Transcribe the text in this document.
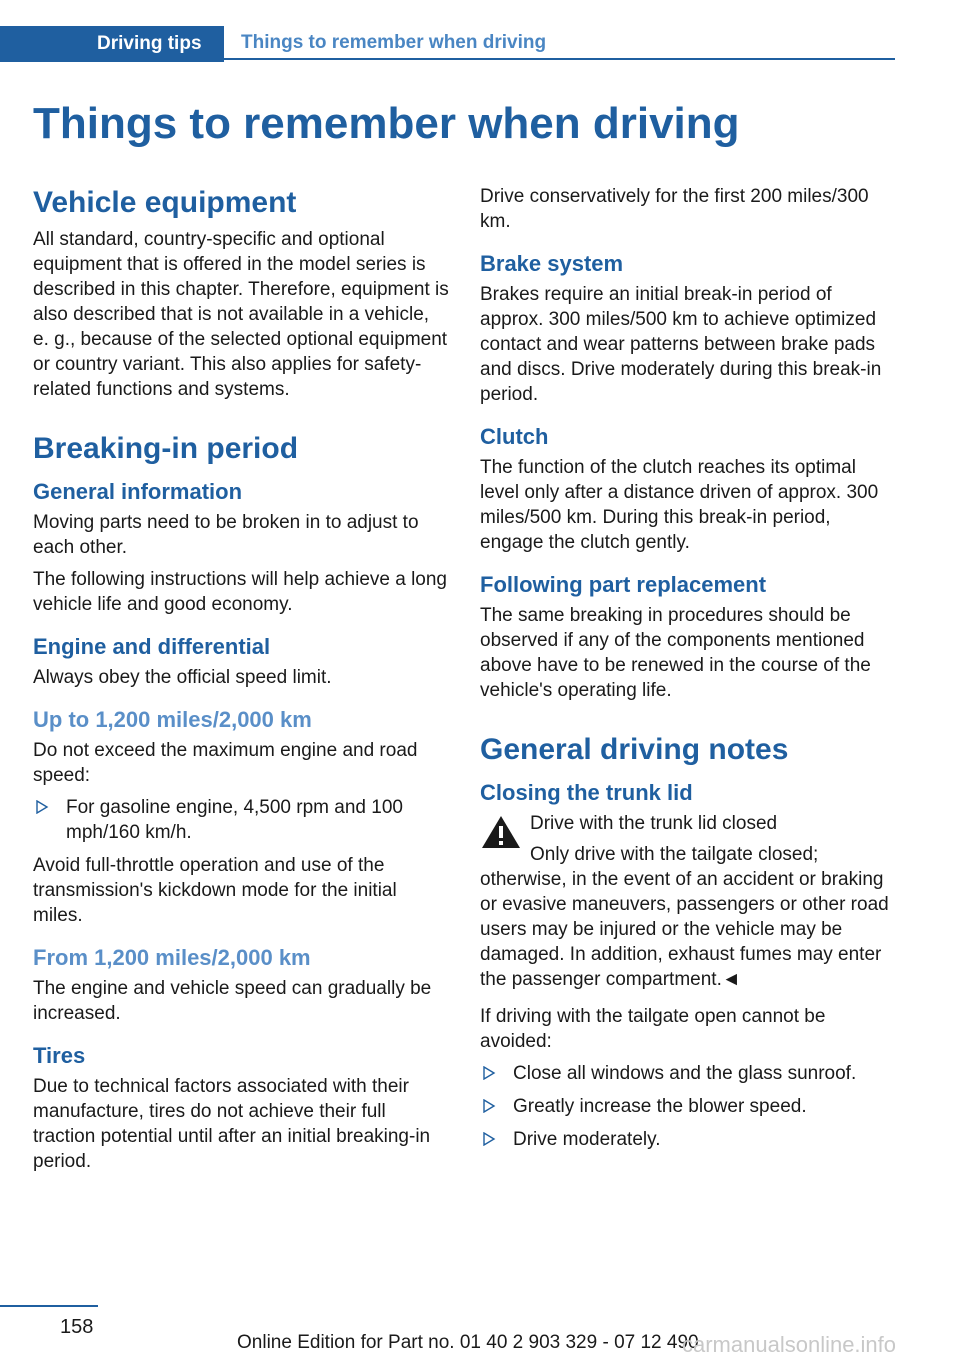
Driving tips	Things to remember when driving
Things to remember when driving
Vehicle equipment

All standard, country-specific and optional equipment that is offered in the model series is described in this chapter. Therefore, equipment is also described that is not available in a vehicle, e. g., because of the selected optional equipment or country variant. This also applies for safety-related functions and systems.

Breaking-in period
General information

Moving parts need to be broken in to adjust to each other.

The following instructions will help achieve a long vehicle life and good economy.

Engine and differential

Always obey the official speed limit.

Up to 1,200 miles/2,000 km

Do not exceed the maximum engine and road speed:

For gasoline engine, 4,500 rpm and 100 mph/160 km/h.

Avoid full-throttle operation and use of the transmission's kickdown mode for the initial miles.

From 1,200 miles/2,000 km

The engine and vehicle speed can gradually be increased.

Tires

Due to technical factors associated with their manufacture, tires do not achieve their full traction potential until after an initial breaking-in period.

Drive conservatively for the first 200 miles/300 km.

Brake system

Brakes require an initial break-in period of approx. 300 miles/500 km to achieve optimized contact and wear patterns between brake pads and discs. Drive moderately during this break-in period.

Clutch

The function of the clutch reaches its optimal level only after a distance driven of approx. 300 miles/500 km. During this break-in period, engage the clutch gently.

Following part replacement

The same breaking in procedures should be observed if any of the components mentioned above have to be renewed in the course of the vehicle's operating life.

General driving notes
Closing the trunk lid

Drive with the trunk lid closed

Only drive with the tailgate closed; otherwise, in the event of an accident or braking or evasive maneuvers, passengers or other road users may be injured or the vehicle may be damaged. In addition, exhaust fumes may enter the passenger compartment.◄

If driving with the tailgate open cannot be avoided:

Close all windows and the glass sunroof.
Greatly increase the blower speed.
Drive moderately.
158
Online Edition for Part no. 01 40 2 903 329 - 07 12 490
carmanualsonline.info
